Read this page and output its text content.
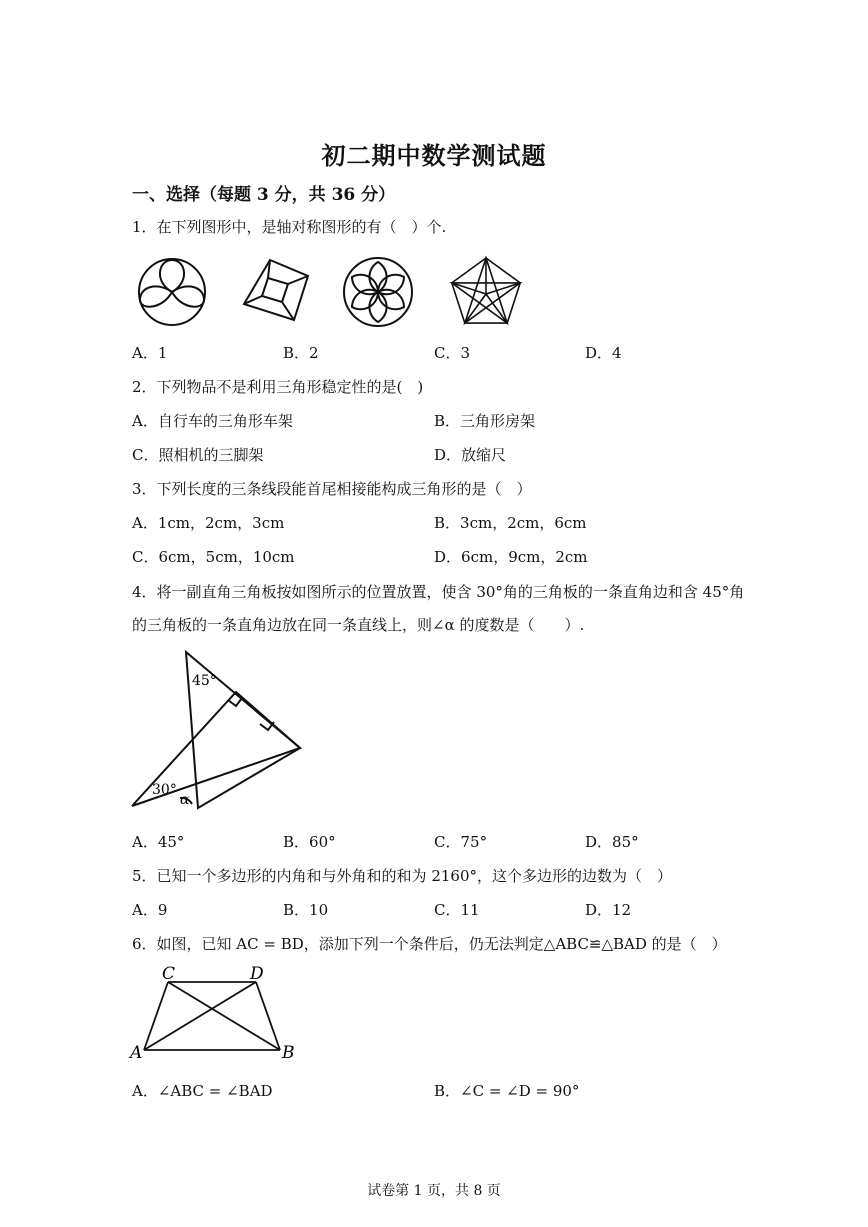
初二期中数学测试题
一、选择（每题 3 分，共 36 分）
1．在下列图形中，是轴对称图形的有（　）个.
A．1	B．2	C．3	D．4
2．下列物品不是利用三角形稳定性的是(　)
A．自行车的三角形车架	B．三角形房架
C．照相机的三脚架	D．放缩尺
3．下列长度的三条线段能首尾相接能构成三角形的是（　）
A．1cm，2cm，3cm	B．3cm，2cm，6cm
C．6cm，5cm，10cm	D．6cm，9cm，2cm
4．将一副直角三角板按如图所示的位置放置，使含 30°角的三角板的一条直角边和含 45°角
的三角板的一条直角边放在同一条直线上，则∠α 的度数是（　　）.
45°
30°
α
A．45°	B．60°	C．75°	D．85°
5．已知一个多边形的内角和与外角和的和为 2160°，这个多边形的边数为（　）
A．9	B．10	C．11	D．12
6．如图，已知 AC = BD，添加下列一个条件后，仍无法判定△ABC≌△BAD 的是（　）
C	D
A	B
A．∠ABC = ∠BAD	B．∠C = ∠D = 90°
试卷第 1 页，共 8 页
